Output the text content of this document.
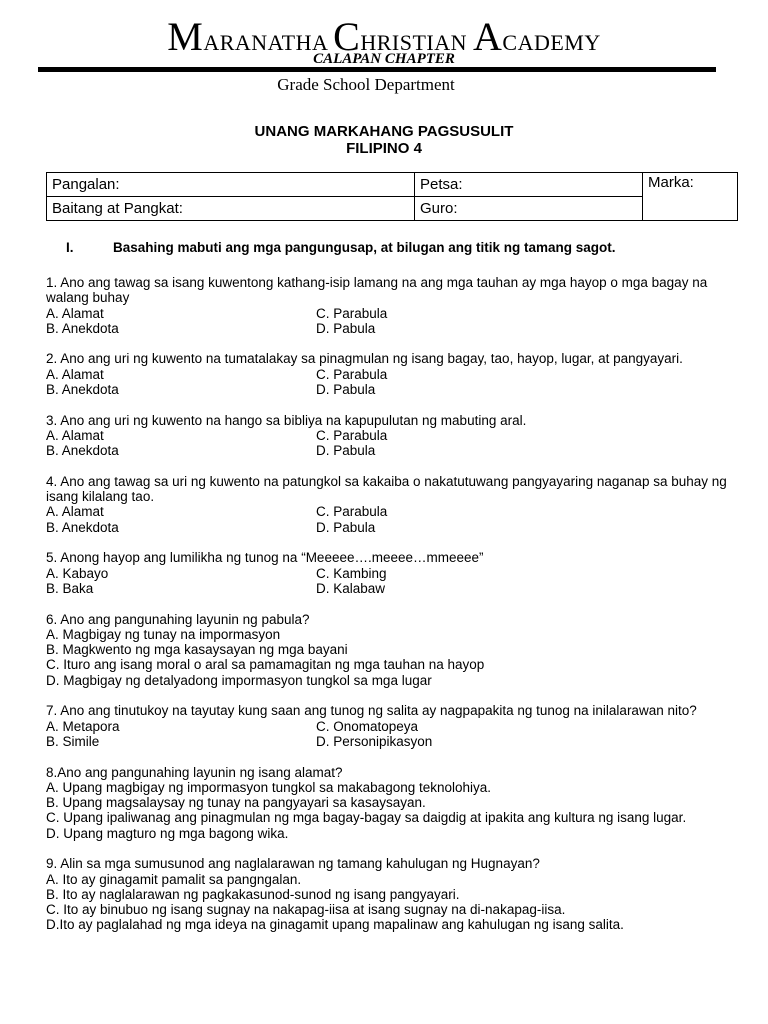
MARANATHA CHRISTIAN ACADEMY
CALAPAN CHAPTER
Grade School Department
UNANG MARKAHANG PAGSUSULIT
FILIPINO 4
Pangalan:	Petsa:	Marka:
Baitang at Pangkat:	Guro:	
I.	Basahing mabuti ang mga pangungusap, at bilugan ang titik ng tamang sagot.
1. Ano ang tawag sa isang kuwentong kathang-isip lamang na ang mga tauhan ay mga hayop o mga bagay na walang buhay
A. Alamat	C. Parabula
B. Anekdota	D. Pabula
2. Ano ang uri ng kuwento na tumatalakay sa pinagmulan ng isang bagay, tao, hayop, lugar, at pangyayari.
A. Alamat	C. Parabula
B. Anekdota	D. Pabula
3. Ano ang uri ng kuwento na hango sa bibliya na kapupulutan ng mabuting aral.
A. Alamat	C. Parabula
B. Anekdota	D. Pabula
4. Ano ang tawag sa uri ng kuwento na patungkol sa kakaiba o nakatutuwang pangyayaring naganap sa buhay ng isang kilalang tao.
A. Alamat	C. Parabula
B. Anekdota	D. Pabula
5. Anong hayop ang lumilikha ng tunog na “Meeeee….meeee…mmeeee”
A. Kabayo	C. Kambing
B. Baka	D. Kalabaw
6. Ano ang pangunahing layunin ng pabula?
A. Magbigay ng tunay na impormasyon
B. Magkwento ng mga kasaysayan ng mga bayani
C. Ituro ang isang moral o aral sa pamamagitan ng mga tauhan na hayop
D. Magbigay ng detalyadong impormasyon tungkol sa mga lugar
7. Ano ang tinutukoy na tayutay kung saan ang tunog ng salita ay nagpapakita ng tunog na inilalarawan nito?
A. Metapora	C. Onomatopeya
B. Simile	D. Personipikasyon
8.Ano ang pangunahing layunin ng isang alamat?
A. Upang magbigay ng impormasyon tungkol sa makabagong teknolohiya.
B. Upang magsalaysay ng tunay na pangyayari sa kasaysayan.
C. Upang ipaliwanag ang pinagmulan ng mga bagay-bagay sa daigdig at ipakita ang kultura ng isang lugar.
D. Upang magturo ng mga bagong wika.
9. Alin sa mga sumusunod ang naglalarawan ng tamang kahulugan ng Hugnayan?
A. Ito ay ginagamit pamalit sa pangngalan.
B. Ito ay naglalarawan ng pagkakasunod-sunod ng isang pangyayari.
C. Ito ay binubuo ng isang sugnay na nakapag-iisa at isang sugnay na di-nakapag-iisa.
D.Ito ay paglalahad ng mga ideya na ginagamit upang mapalinaw ang kahulugan ng isang salita.
